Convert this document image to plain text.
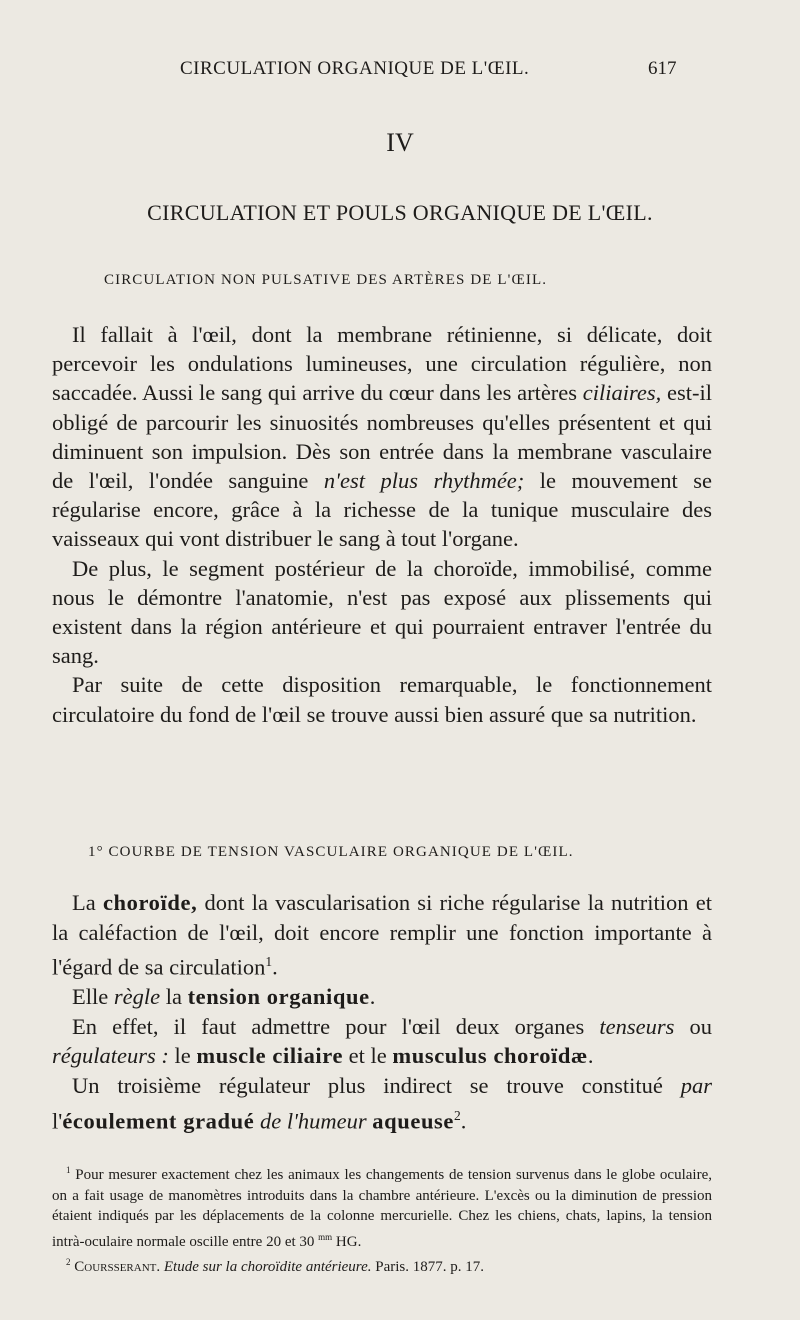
CIRCULATION ORGANIQUE DE L'ŒIL.	617
IV
CIRCULATION ET POULS ORGANIQUE DE L'ŒIL.
CIRCULATION NON PULSATIVE DES ARTÈRES DE L'ŒIL.

Il fallait à l'œil, dont la membrane rétinienne, si délicate, doit percevoir les ondulations lumineuses, une circulation régulière, non saccadée. Aussi le sang qui arrive du cœur dans les artères ciliaires, est-il obligé de parcourir les sinuosités nombreuses qu'elles présentent et qui diminuent son impulsion. Dès son entrée dans la membrane vasculaire de l'œil, l'ondée sanguine n'est plus rhythmée; le mouvement se régularise encore, grâce à la richesse de la tunique musculaire des vaisseaux qui vont distribuer le sang à tout l'organe.

De plus, le segment postérieur de la choroïde, immobilisé, comme nous le démontre l'anatomie, n'est pas exposé aux plissements qui existent dans la région antérieure et qui pourraient entraver l'entrée du sang.

Par suite de cette disposition remarquable, le fonctionnement circulatoire du fond de l'œil se trouve aussi bien assuré que sa nutrition.

1° COURBE DE TENSION VASCULAIRE ORGANIQUE DE L'ŒIL.

La choroïde, dont la vascularisation si riche régularise la nutrition et la caléfaction de l'œil, doit encore remplir une fonction importante à l'égard de sa circulation$^1$.

Elle règle la tension organique.

En effet, il faut admettre pour l'œil deux organes tenseurs ou régulateurs : le muscle ciliaire et le musculus choroïdæ.

Un troisième régulateur plus indirect se trouve constitué par l'écoulement gradué de l'humeur aqueuse$^2$.

$^1$ Pour mesurer exactement chez les animaux les changements de tension survenus dans le globe oculaire, on a fait usage de manomètres introduits dans la chambre antérieure. L'excès ou la diminution de pression étaient indiqués par les déplacements de la colonne mercurielle. Chez les chiens, chats, lapins, la tension intrà-oculaire normale oscille entre 20 et 30 $^{mm}$ HG.

$^2$ Coursserant. Etude sur la choroïdite antérieure. Paris. 1877. p. 17.
